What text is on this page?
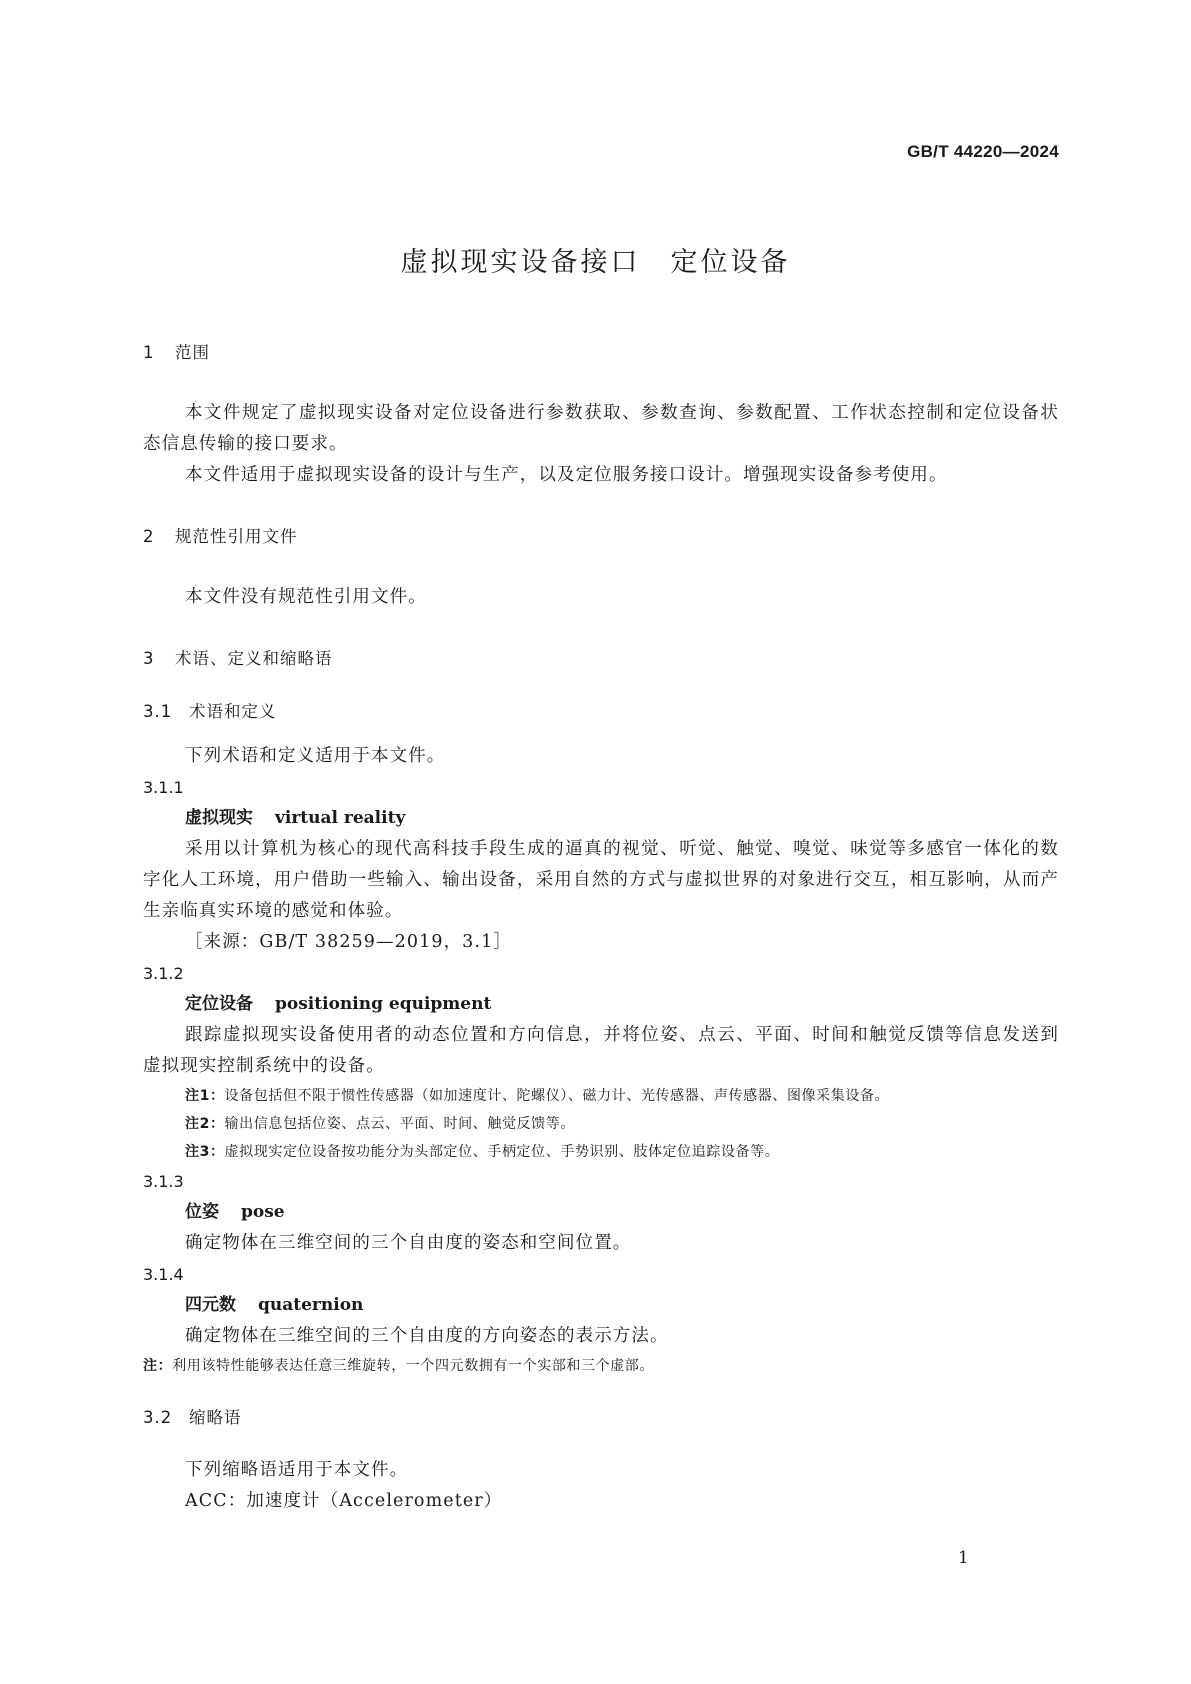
GB/T 44220—2024
虚拟现实设备接口　定位设备
1 范围
本文件规定了虚拟现实设备对定位设备进行参数获取、参数查询、参数配置、工作状态控制和定位设备状态信息传输的接口要求。
本文件适用于虚拟现实设备的设计与生产，以及定位服务接口设计。增强现实设备参考使用。
2 规范性引用文件
本文件没有规范性引用文件。
3 术语、定义和缩略语
3.1 术语和定义
下列术语和定义适用于本文件。
3.1.1
虚拟现实 virtual reality
采用以计算机为核心的现代高科技手段生成的逼真的视觉、听觉、触觉、嗅觉、味觉等多感官一体化的数字化人工环境，用户借助一些输入、输出设备，采用自然的方式与虚拟世界的对象进行交互，相互影响，从而产生亲临真实环境的感觉和体验。
［来源：GB/T 38259—2019，3.1］
3.1.2
定位设备 positioning equipment
跟踪虚拟现实设备使用者的动态位置和方向信息，并将位姿、点云、平面、时间和触觉反馈等信息发送到虚拟现实控制系统中的设备。
注1：设备包括但不限于惯性传感器（如加速度计、陀螺仪）、磁力计、光传感器、声传感器、图像采集设备。
注2：输出信息包括位姿、点云、平面、时间、触觉反馈等。
注3：虚拟现实定位设备按功能分为头部定位、手柄定位、手势识别、肢体定位追踪设备等。
3.1.3
位姿 pose
确定物体在三维空间的三个自由度的姿态和空间位置。
3.1.4
四元数 quaternion
确定物体在三维空间的三个自由度的方向姿态的表示方法。
注：利用该特性能够表达任意三维旋转，一个四元数拥有一个实部和三个虚部。
3.2 缩略语
下列缩略语适用于本文件。
ACC：加速度计（Accelerometer）
1
